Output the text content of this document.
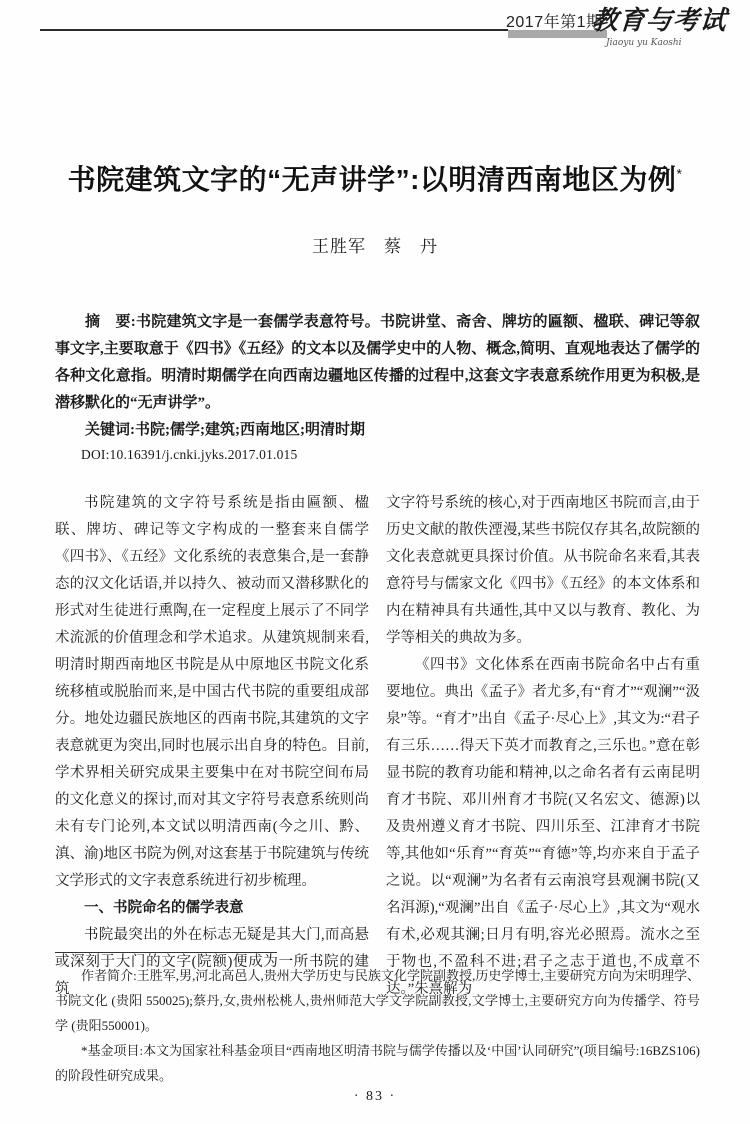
2017年第1期
教育与考试
Jiaoyu yu Kaoshi
书院建筑文字的“无声讲学”:以明清西南地区为例*
王胜军　蔡　丹

摘　要:书院建筑文字是一套儒学表意符号。书院讲堂、斋舍、牌坊的匾额、楹联、碑记等叙事文字,主要取意于《四书》《五经》的文本以及儒学史中的人物、概念,简明、直观地表达了儒学的各种文化意指。明清时期儒学在向西南边疆地区传播的过程中,这套文字表意系统作用更为积极,是潜移默化的“无声讲学”。

关键词:书院;儒学;建筑;西南地区;明清时期

DOI:10.16391/j.cnki.jyks.2017.01.015

书院建筑的文字符号系统是指由匾额、楹联、牌坊、碑记等文字构成的一整套来自儒学《四书》、《五经》文化系统的表意集合,是一套静态的汉文化话语,并以持久、被动而又潜移默化的形式对生徒进行熏陶,在一定程度上展示了不同学术流派的价值理念和学术追求。从建筑规制来看,明清时期西南地区书院是从中原地区书院文化系统移植或脱胎而来,是中国古代书院的重要组成部分。地处边疆民族地区的西南书院,其建筑的文字表意就更为突出,同时也展示出自身的特色。目前,学术界相关研究成果主要集中在对书院空间布局的文化意义的探讨,而对其文字符号表意系统则尚未有专门论列,本文试以明清西南(今之川、黔、滇、渝)地区书院为例,对这套基于书院建筑与传统文学形式的文字表意系统进行初步梳理。

一、书院命名的儒学表意

书院最突出的外在标志无疑是其大门,而高悬或深刻于大门的文字(院额)便成为一所书院的建筑

文字符号系统的核心,对于西南地区书院而言,由于历史文献的散佚湮漫,某些书院仅存其名,故院额的文化表意就更具探讨价值。从书院命名来看,其表意符号与儒家文化《四书》《五经》的本文体系和内在精神具有共通性,其中又以与教育、教化、为学等相关的典故为多。

《四书》文化体系在西南书院命名中占有重要地位。典出《孟子》者尤多,有“育才”“观澜”“汲泉”等。“育才”出自《孟子·尽心上》,其文为:“君子有三乐……得天下英才而教育之,三乐也。”意在彰显书院的教育功能和精神,以之命名者有云南昆明育才书院、邓川州育才书院(又名宏文、德源)以及贵州遵义育才书院、四川乐至、江津育才书院等,其他如“乐育”“育英”“育德”等,均亦来自于孟子之说。以“观澜”为名者有云南浪穹县观澜书院(又名洱源),“观澜”出自《孟子·尽心上》,其文为“观水有术,必观其澜;日月有明,容光必照焉。流水之至于物也,不盈科不进;君子之志于道也,不成章不达。”朱熹解为

作者简介:王胜军,男,河北高邑人,贵州大学历史与民族文化学院副教授,历史学博士,主要研究方向为宋明理学、书院文化 (贵阳 550025);蔡丹,女,贵州松桃人,贵州师范大学文学院副教授,文学博士,主要研究方向为传播学、符号学 (贵阳550001)。

*基金项目:本文为国家社科基金项目“西南地区明清书院与儒学传播以及‘中国’认同研究”(项目编号:16BZS106)的阶段性研究成果。

· 83 ·
